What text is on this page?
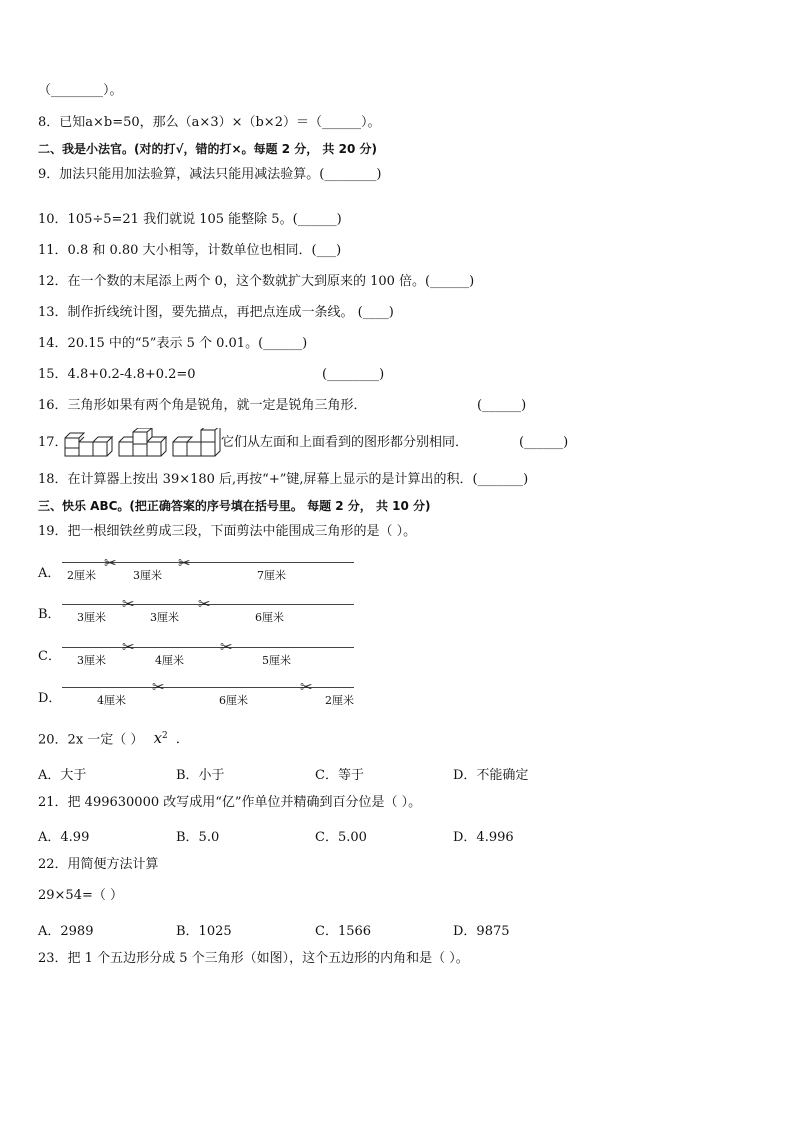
（________）。
8．已知a×b=50，那么（a×3）×（b×2）＝（______）。
二、我是小法官。(对的打√，错的打×。每题 2 分， 共 20 分)
9．加法只能用加法验算，减法只能用减法验算。(________)
10．105÷5=21 我们就说 105 能整除 5。(______)
11．0.8 和 0.80 大小相等，计数单位也相同．(___)
12．在一个数的末尾添上两个 0，这个数就扩大到原来的 100 倍。(______)
13．制作折线统计图，要先描点，再把点连成一条线。 (____)
14．20.15 中的“5”表示 5 个 0.01。(______)
15．4.8+0.2-4.8+0.2=0	(________)
16．三角形如果有两个角是锐角，就一定是锐角三角形．	(______)
17．	它们从左面和上面看到的图形都分别相同．	(______)
18．在计算器上按出 39×180 后,再按“+”键,屏幕上显示的是计算出的积．(_______)
三、快乐 ABC。(把正确答案的序号填在括号里。 每题 2 分， 共 10 分)
19．把一根细铁丝剪成三段，下面剪法中能围成三角形的是（ ）。
A．
✂	✂
2厘米	3厘米	7厘米
B．
✂	✂
3厘米	3厘米	6厘米
C．
✂	✂
3厘米	4厘米	5厘米
D．
✂	✂
4厘米	6厘米	2厘米
20．2x 一定（ ） $x^2$ ．
A．大于	B．小于	C．等于	D．不能确定
21．把 499630000 改写成用“亿”作单位并精确到百分位是（ ）。
A．4.99	B．5.0	C．5.00	D．4.996
22．用简便方法计算
29×54=（ ）
A．2989	B．1025	C．1566	D．9875
23．把 1 个五边形分成 5 个三角形（如图），这个五边形的内角和是（ ）。
